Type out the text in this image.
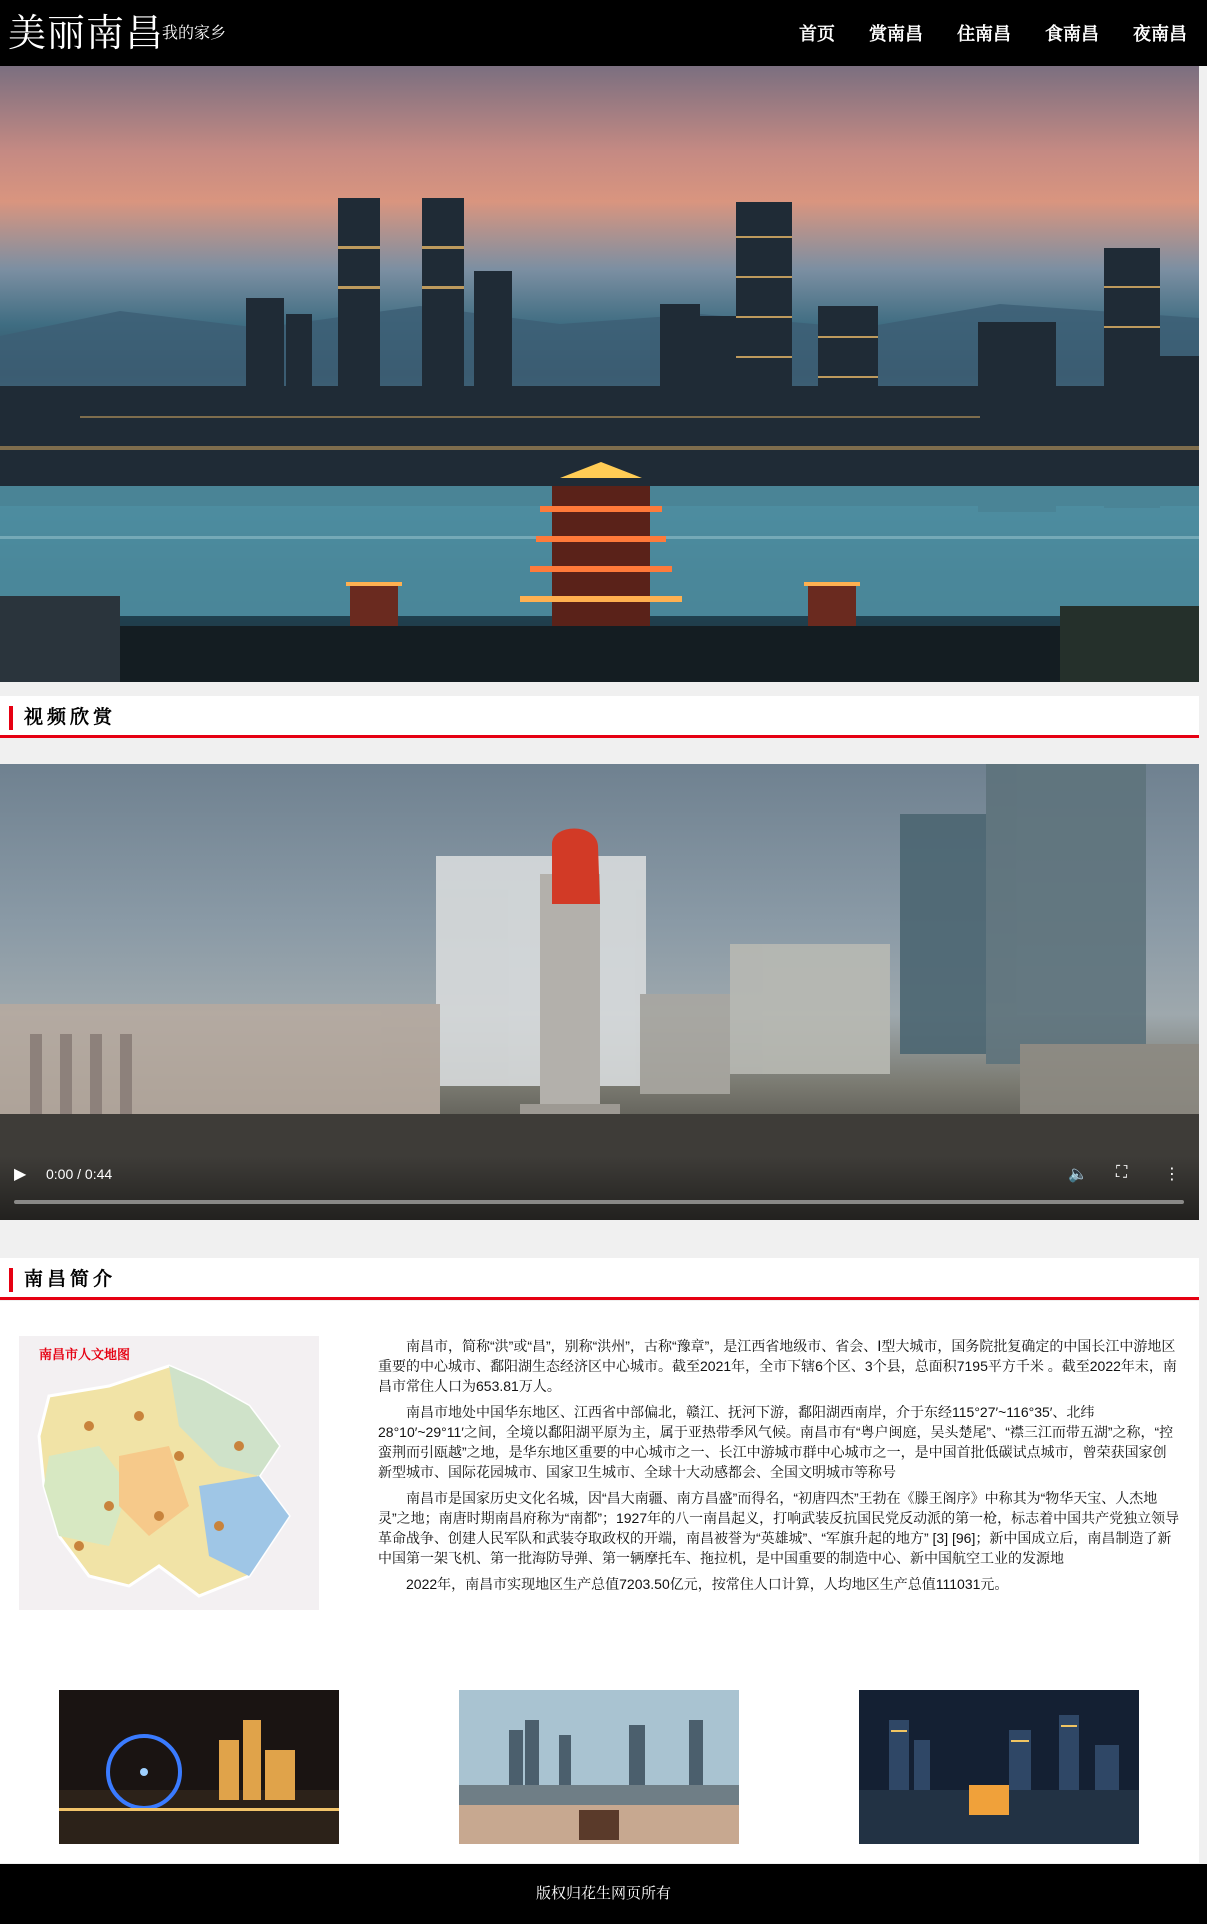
美丽南昌
我的家乡	首页 赏南昌 住南昌 食南昌 夜南昌
视频欣赏
▶ 0:00 / 0:44	🔈 ⛶ ⋮
南昌简介
南昌市人文地图

南昌市，简称“洪”或“昌”，别称“洪州”，古称“豫章”，是江西省地级市、省会、Ⅰ型大城市，国务院批复确定的中国长江中游地区重要的中心城市、鄱阳湖生态经济区中心城市。截至2021年，全市下辖6个区、3个县，总面积7195平方千米 。截至2022年末，南昌市常住人口为653.81万人。

南昌市地处中国华东地区、江西省中部偏北，赣江、抚河下游，鄱阳湖西南岸，介于东经115°27′~116°35′、北纬28°10′~29°11′之间，全境以鄱阳湖平原为主，属于亚热带季风气候。南昌市有“粤户闽庭，吴头楚尾”、“襟三江而带五湖”之称，“控蛮荆而引瓯越”之地，是华东地区重要的中心城市之一、长江中游城市群中心城市之一，是中国首批低碳试点城市，曾荣获国家创新型城市、国际花园城市、国家卫生城市、全球十大动感都会、全国文明城市等称号

南昌市是国家历史文化名城，因“昌大南疆、南方昌盛”而得名，“初唐四杰”王勃在《滕王阁序》中称其为“物华天宝、人杰地灵”之地；南唐时期南昌府称为“南都”；1927年的八一南昌起义，打响武装反抗国民党反动派的第一枪，标志着中国共产党独立领导革命战争、创建人民军队和武装夺取政权的开端，南昌被誉为“英雄城”、“军旗升起的地方” [3] [96]；新中国成立后，南昌制造了新中国第一架飞机、第一批海防导弹、第一辆摩托车、拖拉机，是中国重要的制造中心、新中国航空工业的发源地

2022年，南昌市实现地区生产总值7203.50亿元，按常住人口计算，人均地区生产总值111031元。

版权归花生网页所有
